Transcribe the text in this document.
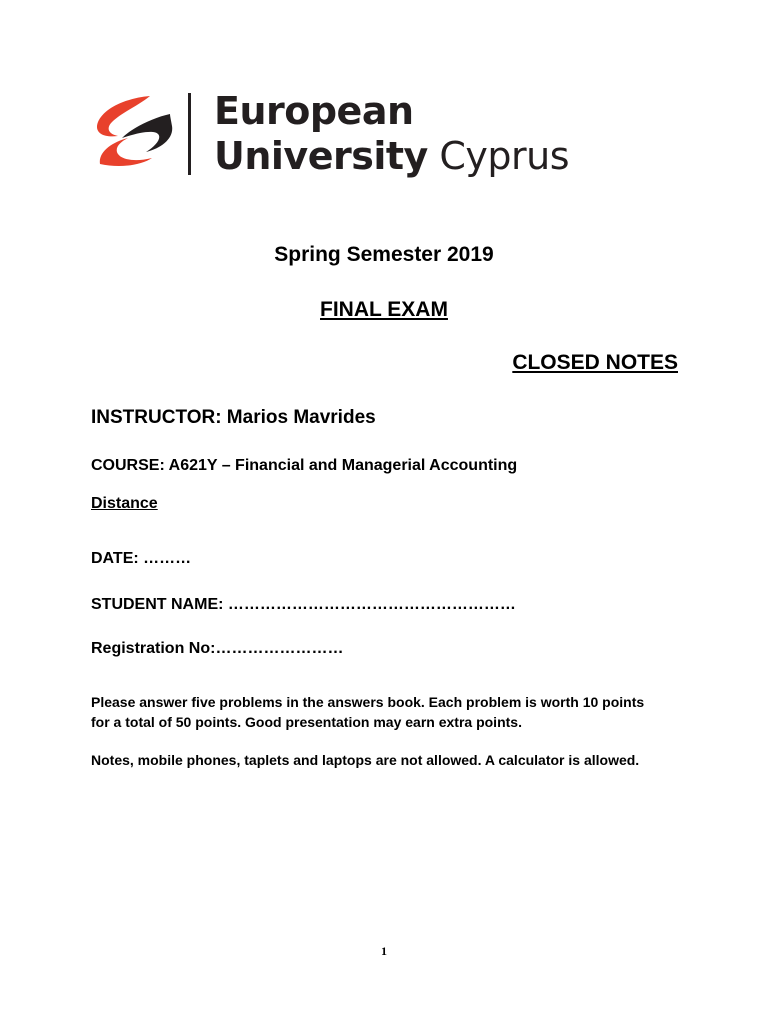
European
University Cyprus
Spring Semester 2019
FINAL EXAM
CLOSED NOTES
INSTRUCTOR: Marios Mavrides
COURSE: A621Y – Financial and Managerial Accounting
Distance
DATE: ………
STUDENT NAME: ………………………………………………
Registration No:……………………
Please answer five problems in the answers book. Each problem is worth 10 points for a total of 50 points. Good presentation may earn extra points.
Notes, mobile phones, taplets and laptops are not allowed. A calculator is allowed.
1
